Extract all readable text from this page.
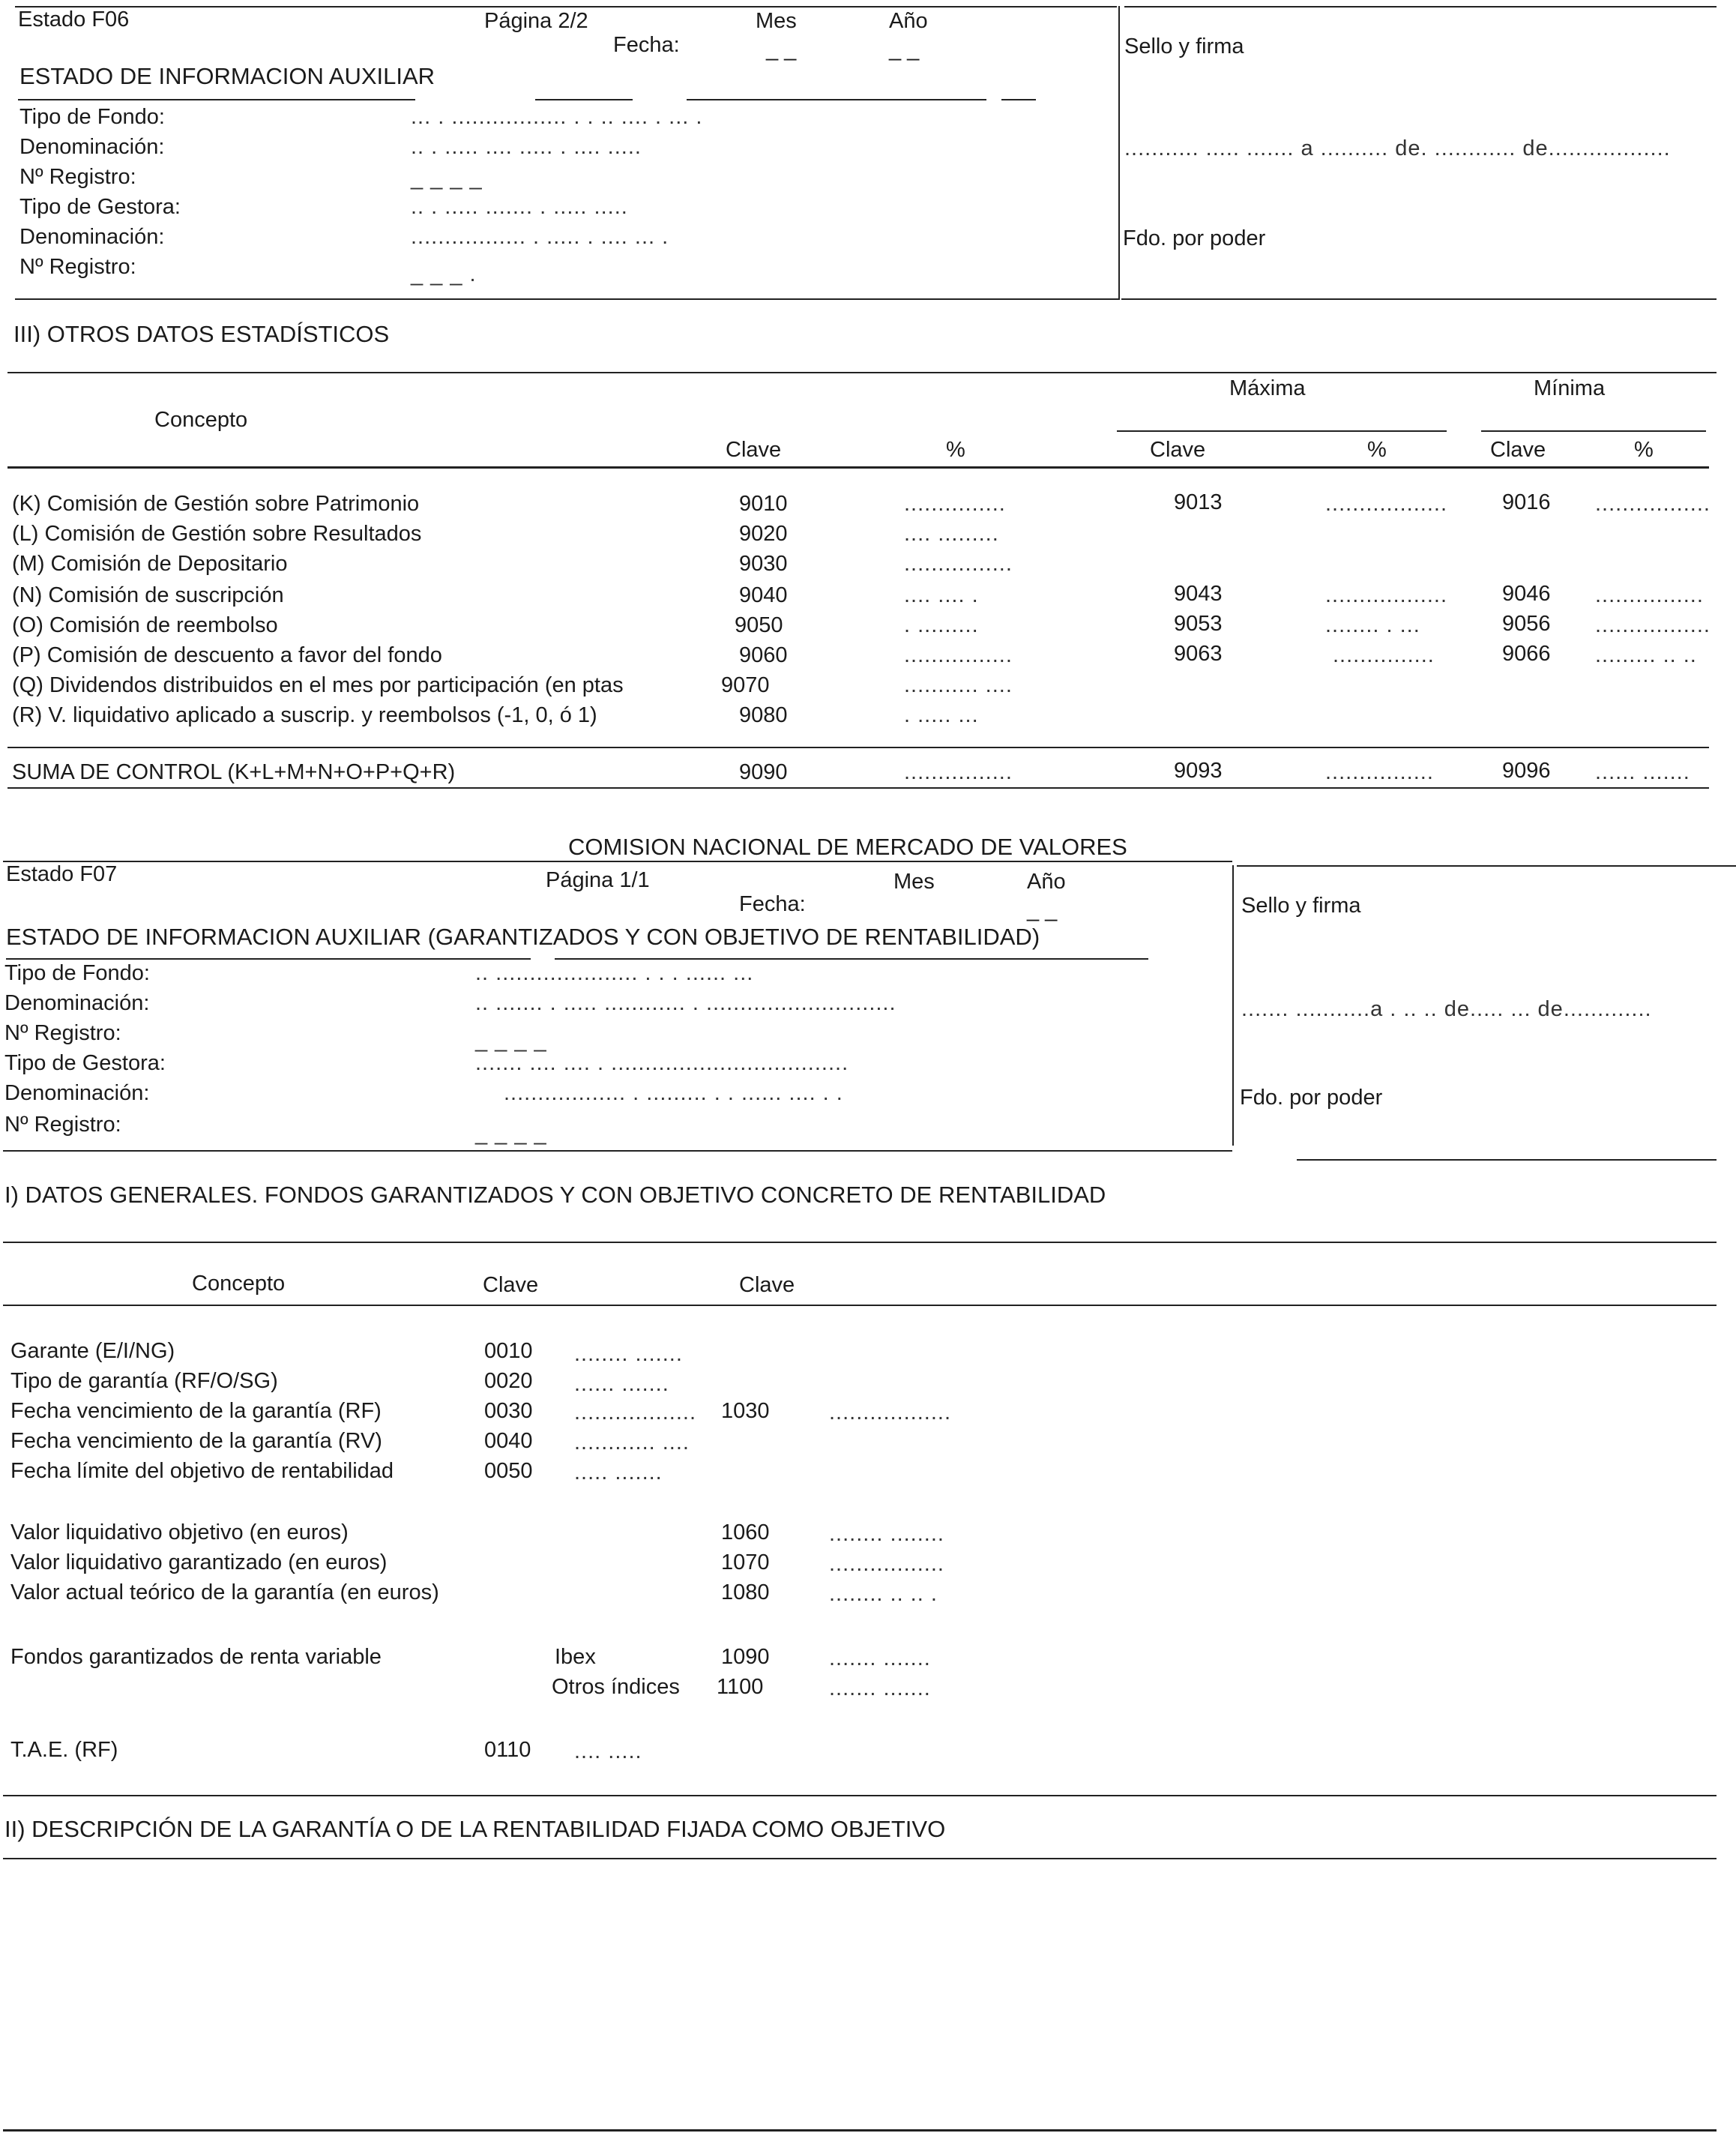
Estado F06	Página 2/2	Mes	Año
Fecha:	_ _	_ _
ESTADO DE INFORMACION AUXILIAR
Tipo de Fondo:	... . ................. . . .. .... . ... .
Denominación:	.. . ..... .... ..... . .... .....
Nº Registro:	_ _ _ _
Tipo de Gestora:	.. . ..... ....... . ..... .....
Denominación:	................. . ..... . .... ... .
Nº Registro:	_ _ _ .
Sello y firma
........... ..... ....... a .......... de. ............ de..................
Fdo. por poder
III) OTROS DATOS ESTADÍSTICOS
Máxima	Mínima
Concepto
Clave	%	Clave	%	Clave	%
(K) Comisión de Gestión sobre Patrimonio	9010	...............	9013	..................	9016 .................
(L) Comisión de Gestión sobre Resultados	9020	.... .........
(M) Comisión de Depositario	9030	................
(N) Comisión de suscripción	9040	.... .... .	9043	..................	9046 ................
(O) Comisión de reembolso	9050	. .........	9053	........ . ...	9056 .................
(P) Comisión de descuento a favor del fondo	9060	................	9063	...............	9066 ......... .. ..
(Q) Dividendos distribuidos en el mes por participación (en ptas	9070	........... ....
(R) V. liquidativo aplicado a suscrip. y reembolsos (-1, 0, ó 1)	9080	. ..... ...
SUMA DE CONTROL (K+L+M+N+O+P+Q+R)	9090	................	9093	................	9096 ...... .......
COMISION NACIONAL DE MERCADO DE VALORES
Estado F07	Página 1/1	Mes	Año
Fecha:	_ _
ESTADO DE INFORMACION AUXILIAR (GARANTIZADOS Y CON OBJETIVO DE RENTABILIDAD)
Tipo de Fondo:	.. ..................... . . . ...... ...
Denominación:	.. ....... . ..... ............ . ............................
Nº Registro:	_ _ _ _
Tipo de Gestora:	....... .... .... . ...................................
Denominación:	.................. . ......... . . ...... .... . .
Nº Registro:	_ _ _ _
Sello y firma
....... ...........a . .. .. de..... ... de.............
Fdo. por poder
I) DATOS GENERALES. FONDOS GARANTIZADOS Y CON OBJETIVO CONCRETO DE RENTABILIDAD
Concepto	Clave	Clave
Garante (E/I/NG)	0010 ........ .......
Tipo de garantía (RF/O/SG)	0020 ...... .......
Fecha vencimiento de la garantía (RF)	0030 .................. 1030	..................
Fecha vencimiento de la garantía (RV)	0040 ............ ....
Fecha límite del objetivo de rentabilidad	0050 ..... .......
Valor liquidativo objetivo (en euros)	1060	........ ........
Valor liquidativo garantizado (en euros)	1070	.................
Valor actual teórico de la garantía (en euros)	1080	........ .. .. .
Fondos garantizados de renta variable	Ibex	1090	....... .......
Otros índices 1100	....... .......
T.A.E. (RF)	0110 .... .....
II) DESCRIPCIÓN DE LA GARANTÍA O DE LA RENTABILIDAD FIJADA COMO OBJETIVO
